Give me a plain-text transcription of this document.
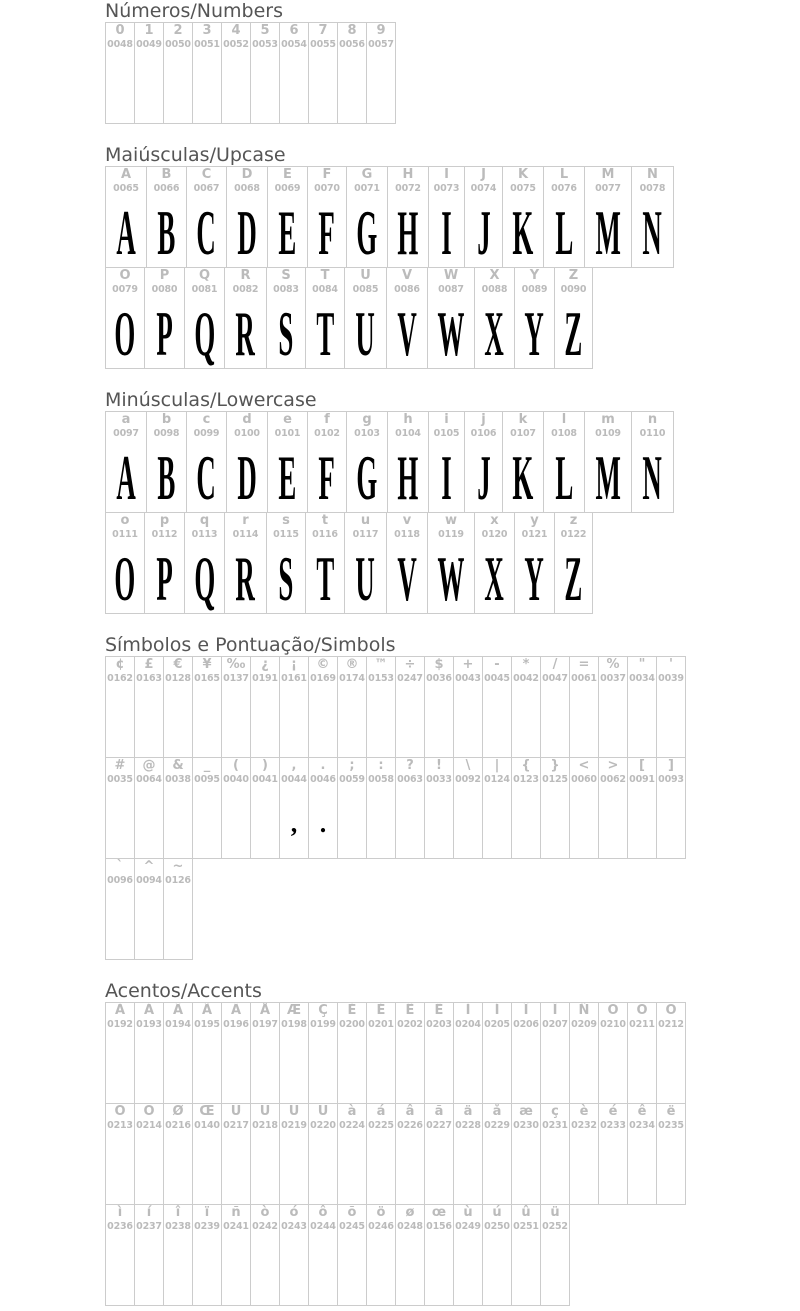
Números/Numbers
0
0048
1
0049
2
0050
3
0051
4
0052
5
0053
6
0054
7
0055
8
0056
9
0057
Maiúsculas/Upcase
A
0065
A
B
0066
B
C
0067
C
D
0068
D
E
0069
E
F
0070
F
G
0071
G
H
0072
H
I
0073
I
J
0074
J
K
0075
K
L
0076
L
M
0077
M
N
0078
N
O
0079
O
P
0080
P
Q
0081
Q
R
0082
R
S
0083
S
T
0084
T
U
0085
U
V
0086
V
W
0087
W
X
0088
X
Y
0089
Y
Z
0090
Z
Minúsculas/Lowercase
a
0097
A
b
0098
B
c
0099
C
d
0100
D
e
0101
E
f
0102
F
g
0103
G
h
0104
H
i
0105
I
j
0106
J
k
0107
K
l
0108
L
m
0109
M
n
0110
N
o
0111
O
p
0112
P
q
0113
Q
r
0114
R
s
0115
S
t
0116
T
u
0117
U
v
0118
V
w
0119
W
x
0120
X
y
0121
Y
z
0122
Z
Símbolos e Pontuação/Simbols
¢
0162
£
0163
€
0128
¥
0165
‰
0137
¿
0191
¡
0161
©
0169
®
0174
™
0153
÷
0247
$
0036
+
0043
-
0045
*
0042
/
0047
=
0061
%
0037
"
0034
'
0039
#
0035
@
0064
&
0038
_
0095
(
0040
)
0041
,
0044
,
.
0046
.
;
0059
:
0058
?
0063
!
0033
\
0092
|
0124
{
0123
}
0125
<
0060
>
0062
[
0091
]
0093
`
0096
^
0094
~
0126
Acentos/Accents
À
0192
Á
0193
Â
0194
Ã
0195
Ä
0196
Å
0197
Æ
0198
Ç
0199
È
0200
É
0201
Ê
0202
Ë
0203
Ì
0204
Í
0205
Î
0206
Ï
0207
Ñ
0209
Ò
0210
Ó
0211
Ô
0212
Õ
0213
Ö
0214
Ø
0216
Œ
0140
Ù
0217
Ú
0218
Û
0219
Ü
0220
à
0224
á
0225
â
0226
ã
0227
ä
0228
å
0229
æ
0230
ç
0231
è
0232
é
0233
ê
0234
ë
0235
ì
0236
í
0237
î
0238
ï
0239
ñ
0241
ò
0242
ó
0243
ô
0244
õ
0245
ö
0246
ø
0248
œ
0156
ù
0249
ú
0250
û
0251
ü
0252
